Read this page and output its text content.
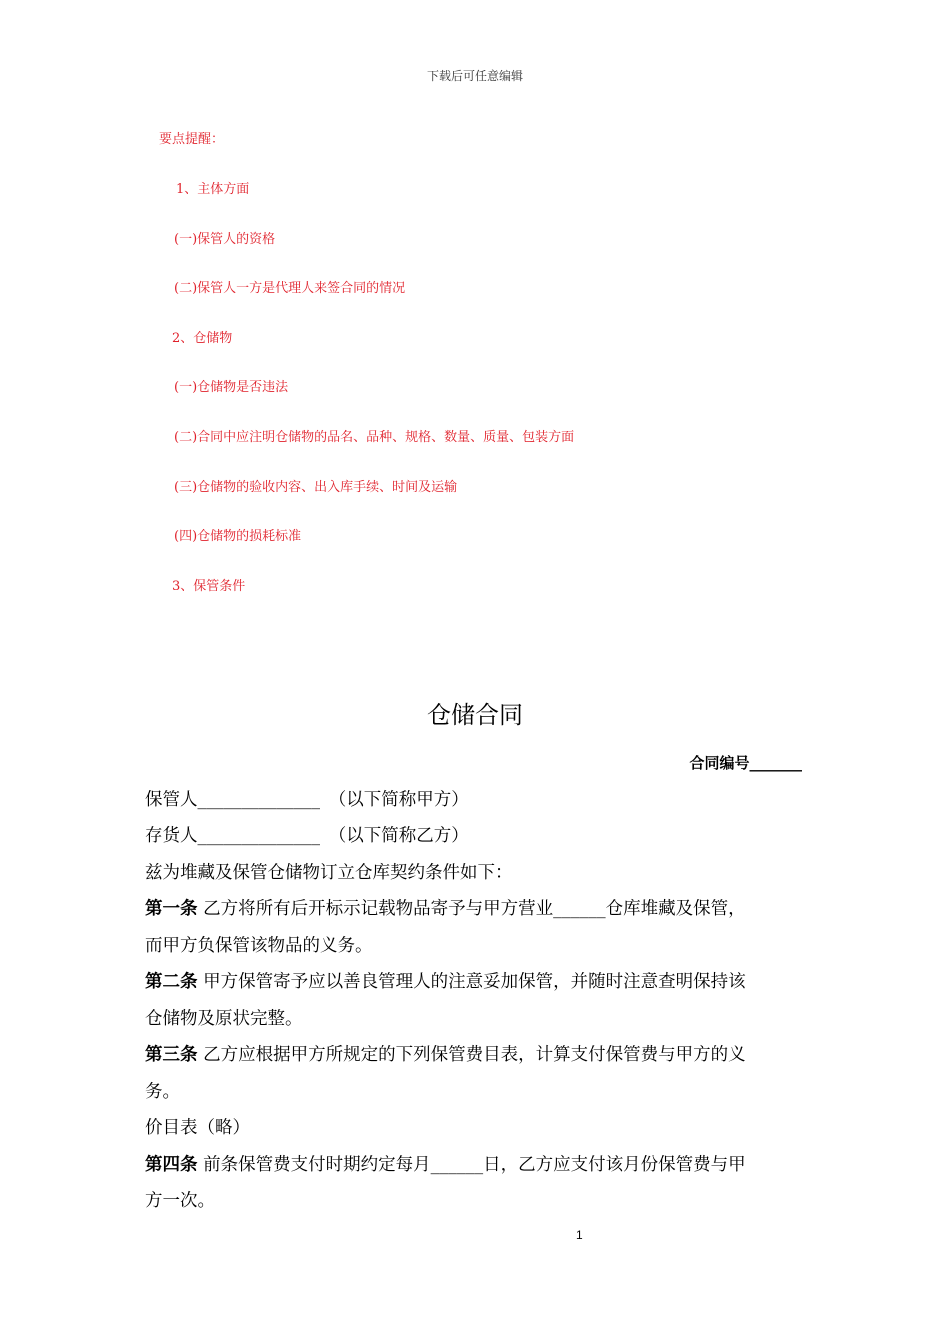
下载后可任意编辑
要点提醒：
1、主体方面
(一)保管人的资格
(二)保管人一方是代理人来签合同的情况
2、仓储物
(一)仓储物是否违法
(二)合同中应注明仓储物的品名、品种、规格、数量、质量、包装方面
(三)仓储物的验收内容、出入库手续、时间及运输
(四)仓储物的损耗标准
3、保管条件
仓储合同
合同编号_______
保管人______________　（以下简称甲方）
存货人______________　（以下简称乙方）
兹为堆藏及保管仓储物订立仓库契约条件如下：
第一条 乙方将所有后开标示记载物品寄予与甲方营业______仓库堆藏及保管，
而甲方负保管该物品的义务。
第二条 甲方保管寄予应以善良管理人的注意妥加保管，并随时注意查明保持该
仓储物及原状完整。
第三条 乙方应根据甲方所规定的下列保管费目表，计算支付保管费与甲方的义
务。
价目表（略）
第四条 前条保管费支付时期约定每月______日，乙方应支付该月份保管费与甲
方一次。
1
